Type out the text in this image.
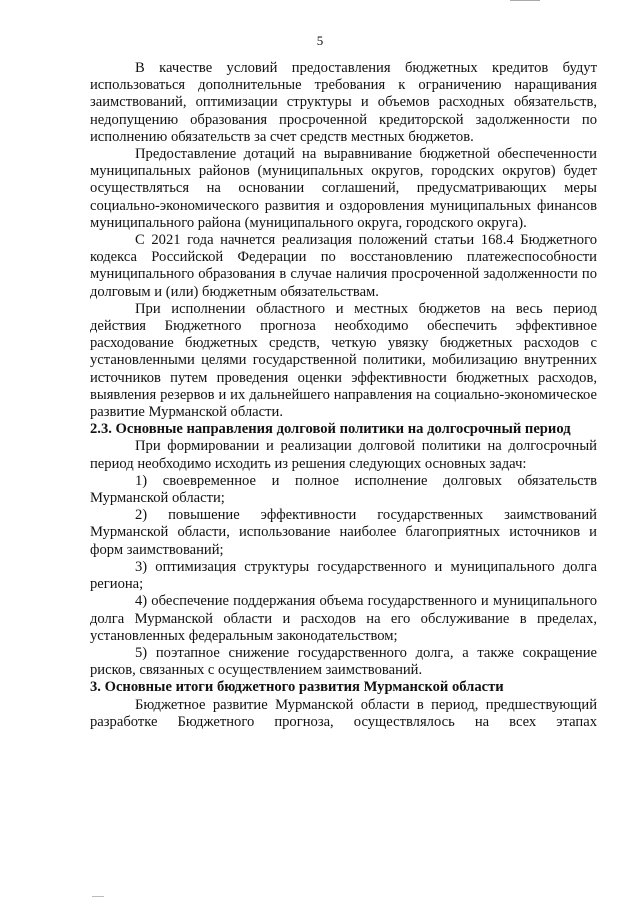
5

В качестве условий предоставления бюджетных кредитов будут использоваться дополнительные требования к ограничению наращивания заимствований, оптимизации структуры и объемов расходных обязательств, недопущению образования просроченной кредиторской задолженности по исполнению обязательств за счет средств местных бюджетов.

Предоставление дотаций на выравнивание бюджетной обеспеченности муниципальных районов (муниципальных округов, городских округов) будет осуществляться на основании соглашений, предусматривающих меры социально-экономического развития и оздоровления муниципальных финансов муниципального района (муниципального округа, городского округа).

С 2021 года начнется реализация положений статьи 168.4 Бюджетного кодекса Российской Федерации по восстановлению платежеспособности муниципального образования в случае наличия просроченной задолженности по долговым и (или) бюджетным обязательствам.

При исполнении областного и местных бюджетов на весь период действия Бюджетного прогноза необходимо обеспечить эффективное расходование бюджетных средств, четкую увязку бюджетных расходов с установленными целями государственной политики, мобилизацию внутренних источников путем проведения оценки эффективности бюджетных расходов, выявления резервов и их дальнейшего направления на социально-экономическое развитие Мурманской области.

2.3. Основные направления долговой политики на долгосрочный период

При формировании и реализации долговой политики на долгосрочный период необходимо исходить из решения следующих основных задач:

1) своевременное и полное исполнение долговых обязательств Мурманской области;

2) повышение эффективности государственных заимствований Мурманской области, использование наиболее благоприятных источников и форм заимствований;

3) оптимизация структуры государственного и муниципального долга региона;

4) обеспечение поддержания объема государственного и муниципального долга Мурманской области и расходов на его обслуживание в пределах, установленных федеральным законодательством;

5) поэтапное снижение государственного долга, а также сокращение рисков, связанных с осуществлением заимствований.

3. Основные итоги бюджетного развития Мурманской области

Бюджетное развитие Мурманской области в период, предшествующий разработке Бюджетного прогноза, осуществлялось на всех этапах
